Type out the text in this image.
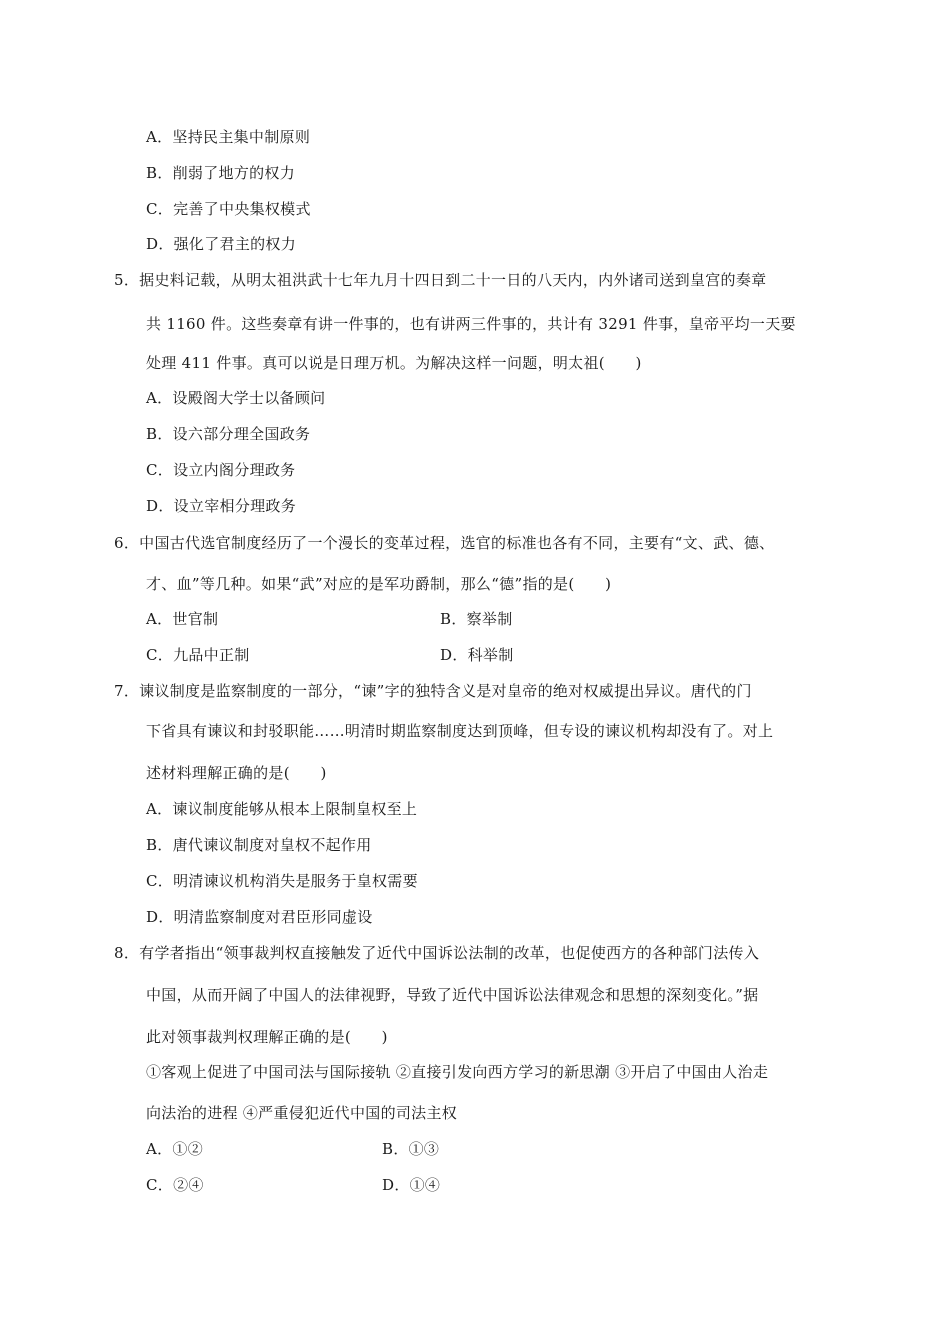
A．坚持民主集中制原则
B．削弱了地方的权力
C．完善了中央集权模式
D．强化了君主的权力
5．据史料记载，从明太祖洪武十七年九月十四日到二十一日的八天内，内外诸司送到皇宫的奏章
共 1160 件。这些奏章有讲一件事的，也有讲两三件事的，共计有 3291 件事，皇帝平均一天要
处理 411 件事。真可以说是日理万机。为解决这样一问题，明太祖(　　)
A．设殿阁大学士以备顾问
B．设六部分理全国政务
C．设立内阁分理政务
D．设立宰相分理政务
6．中国古代选官制度经历了一个漫长的变革过程，选官的标准也各有不同，主要有“文、武、德、
才、血”等几种。如果“武”对应的是军功爵制，那么“德”指的是(　　)
A．世官制	B．察举制
C．九品中正制	D．科举制
7．谏议制度是监察制度的一部分，“谏”字的独特含义是对皇帝的绝对权威提出异议。唐代的门
下省具有谏议和封驳职能……明清时期监察制度达到顶峰，但专设的谏议机构却没有了。对上
述材料理解正确的是(　　)
A．谏议制度能够从根本上限制皇权至上
B．唐代谏议制度对皇权不起作用
C．明清谏议机构消失是服务于皇权需要
D．明清监察制度对君臣形同虚设
8．有学者指出“领事裁判权直接触发了近代中国诉讼法制的改革，也促使西方的各种部门法传入
中国，从而开阔了中国人的法律视野，导致了近代中国诉讼法律观念和思想的深刻变化。”据
此对领事裁判权理解正确的是(　　)
①客观上促进了中国司法与国际接轨 ②直接引发向西方学习的新思潮 ③开启了中国由人治走
向法治的进程 ④严重侵犯近代中国的司法主权
A．①②	B．①③
C．②④	D．①④
